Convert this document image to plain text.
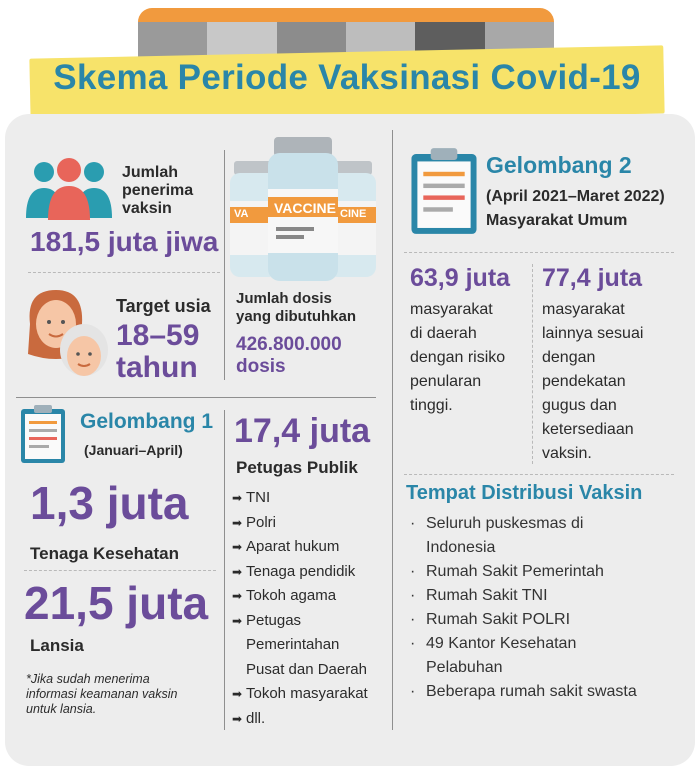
Skema Periode Vaksinasi Covid-19
Jumlah
penerima
vaksin
181,5 juta jiwa
VA VACCINE CINE
Jumlah dosis
yang dibutuhkan
426.800.000
dosis
Target usia
18–59
tahun
Gelombang 1
(Januari–April)
1,3 juta
Tenaga Kesehatan
21,5 juta
Lansia
*Jika sudah menerima
informasi keamanan vaksin
untuk lansia.
17,4 juta
Petugas Publik
➡ TNI
➡ Polri
➡ Aparat hukum
➡ Tenaga pendidik
➡ Tokoh agama
➡ Petugas
Pemerintahan
Pusat dan Daerah
➡ Tokoh masyarakat
➡ dll.
Gelombang 2
(April 2021–Maret 2022)
Masyarakat Umum
63,9 juta
masyarakat
di daerah
dengan risiko
penularan
tinggi.
77,4 juta
masyarakat
lainnya sesuai
dengan
pendekatan
gugus dan
ketersediaan
vaksin.
Tempat Distribusi Vaksin
· Seluruh puskesmas di
Indonesia
· Rumah Sakit Pemerintah
· Rumah Sakit TNI
· Rumah Sakit POLRI
· 49 Kantor Kesehatan
Pelabuhan
· Beberapa rumah sakit swasta
